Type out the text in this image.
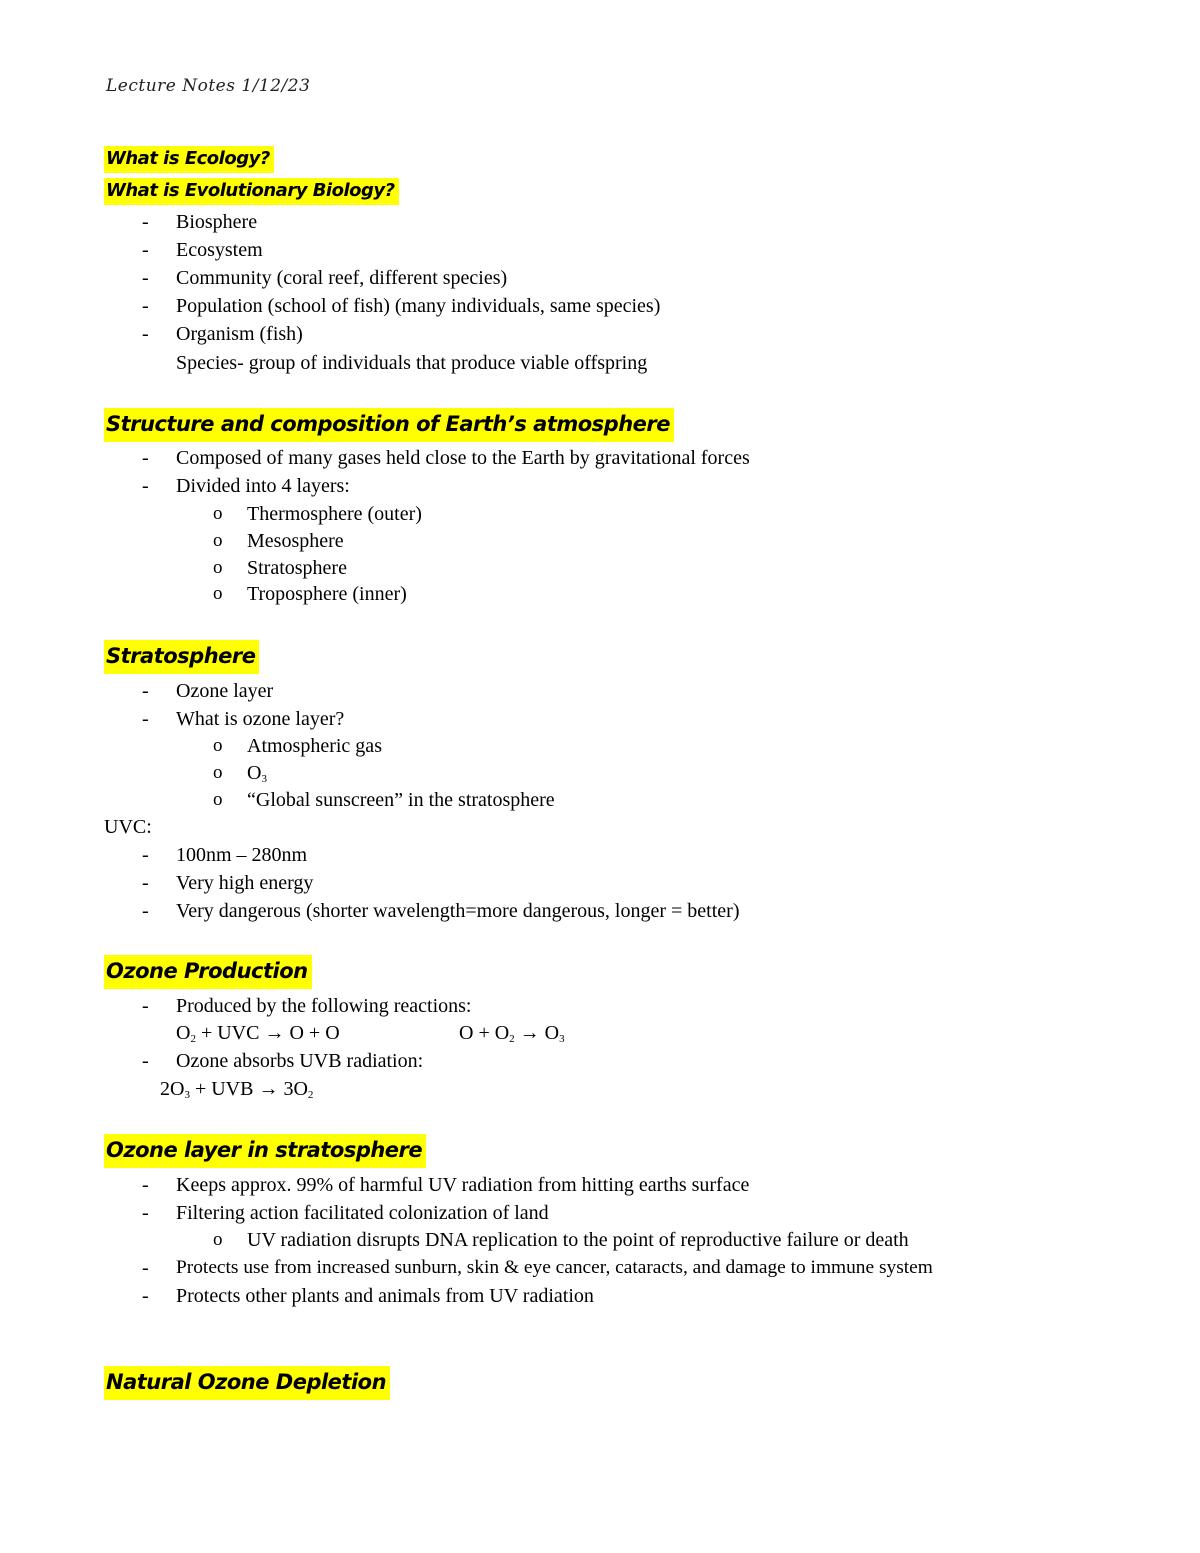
Lecture Notes 1/12/23
What is Ecology?
What is Evolutionary Biology?
- Biosphere
- Ecosystem
- Community (coral reef, different species)
- Population (school of fish) (many individuals, same species)
- Organism (fish)
Species- group of individuals that produce viable offspring
Structure and composition of Earth’s atmosphere
- Composed of many gases held close to the Earth by gravitational forces
- Divided into 4 layers:
o Thermosphere (outer)
o Mesosphere
o Stratosphere
o Troposphere (inner)
Stratosphere
- Ozone layer
- What is ozone layer?
o Atmospheric gas
o $O_3$
o “Global sunscreen” in the stratosphere
UVC:
- 100nm – 280nm
- Very high energy
- Very dangerous (shorter wavelength=more dangerous, longer = better)
Ozone Production
- Produced by the following reactions:
$O_2$ + UVC → O + O	$O + O_2 \to O_3$
- Ozone absorbs UVB radiation:
$2O_3$ + UVB → $3O_2$
Ozone layer in stratosphere
- Keeps approx. 99% of harmful UV radiation from hitting earths surface
- Filtering action facilitated colonization of land
o UV radiation disrupts DNA replication to the point of reproductive failure or death
- Protects use from increased sunburn, skin & eye cancer, cataracts, and damage to immune system
- Protects other plants and animals from UV radiation
Natural Ozone Depletion
